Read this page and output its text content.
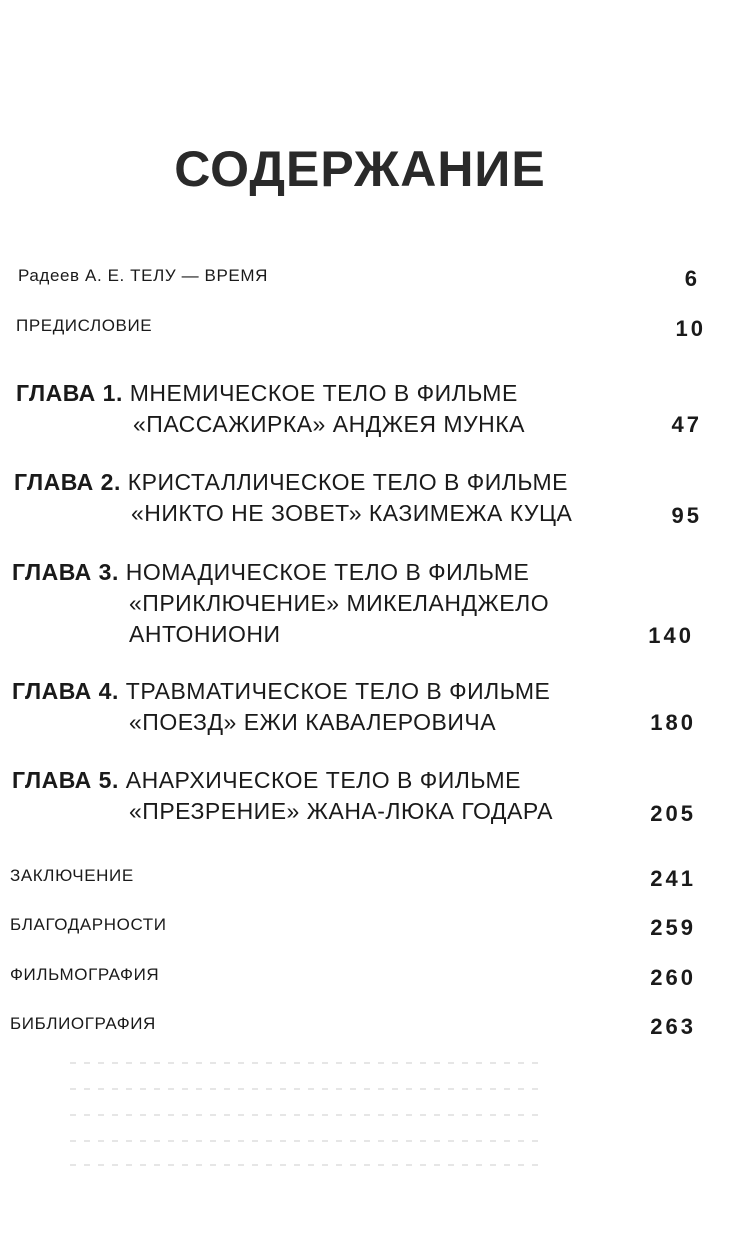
СОДЕРЖАНИЕ
Радеев А. Е. ТЕЛУ — ВРЕМЯ	6
ПРЕДИСЛОВИЕ	10
ГЛАВА 1. МНЕМИЧЕСКОЕ ТЕЛО В ФИЛЬМЕ
«ПАССАЖИРКА» АНДЖЕЯ МУНКА	47
ГЛАВА 2. КРИСТАЛЛИЧЕСКОЕ ТЕЛО В ФИЛЬМЕ
«НИКТО НЕ ЗОВЕТ» КАЗИМЕЖА КУЦА	95
ГЛАВА 3. НОМАДИЧЕСКОЕ ТЕЛО В ФИЛЬМЕ
«ПРИКЛЮЧЕНИЕ» МИКЕЛАНДЖЕЛО
АНТОНИОНИ	140
ГЛАВА 4. ТРАВМАТИЧЕСКОЕ ТЕЛО В ФИЛЬМЕ
«ПОЕЗД» ЕЖИ КАВАЛЕРОВИЧА	180
ГЛАВА 5. АНАРХИЧЕСКОЕ ТЕЛО В ФИЛЬМЕ
«ПРЕЗРЕНИЕ» ЖАНА-ЛЮКА ГОДАРА	205
ЗАКЛЮЧЕНИЕ	241
БЛАГОДАРНОСТИ	259
ФИЛЬМОГРАФИЯ	260
БИБЛИОГРАФИЯ	263
